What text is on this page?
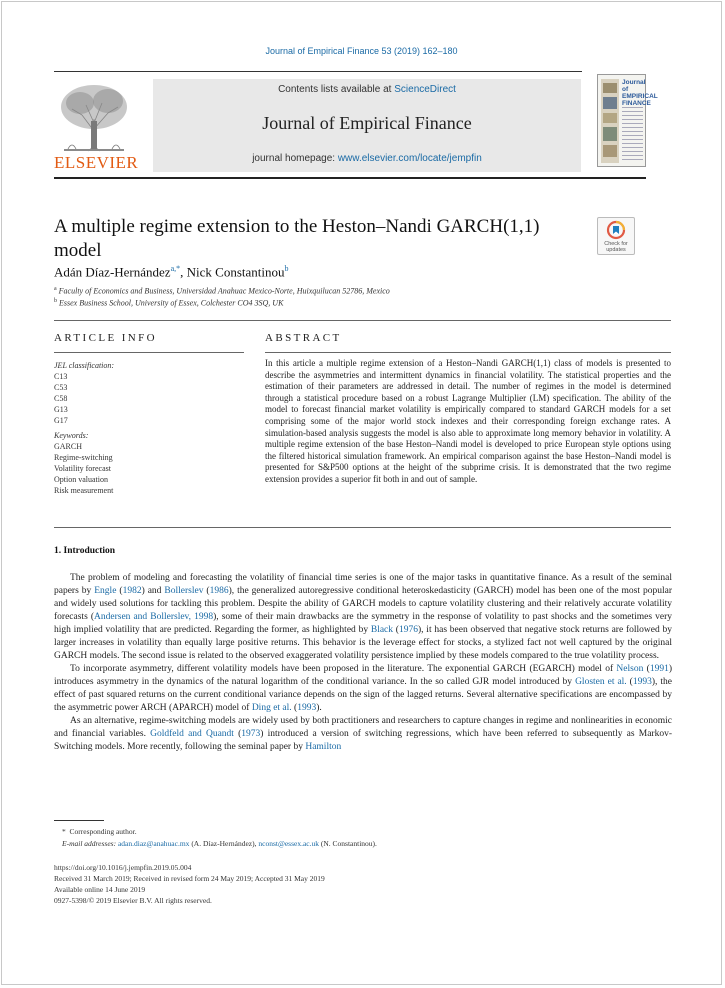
Journal of Empirical Finance 53 (2019) 162–180
ELSEVIER
Contents lists available at ScienceDirect
Journal of Empirical Finance
journal homepage: www.elsevier.com/locate/jempfin
Journal of EMPIRICAL FINANCE
A multiple regime extension to the Heston–Nandi GARCH(1,1) model	Check for updates
Adán Díaz-Hernández$^{a,*}$, Nick Constantinou$^b$
$^a$ Faculty of Economics and Business, Universidad Anahuac Mexico-Norte, Huixquilucan 52786, Mexico
$^b$ Essex Business School, University of Essex, Colchester CO4 3SQ, UK
ARTICLE INFO	ABSTRACT
JEL classification:
C13
C53
C58
G13
G17
Keywords:
GARCH
Regime-switching
Volatility forecast
Option valuation
Risk measurement
In this article a multiple regime extension of a Heston–Nandi GARCH(1,1) class of models is presented to describe the asymmetries and intermittent dynamics in financial volatility. The statistical properties and the estimation of their parameters are addressed in detail. The number of regimes in the model is determined through a statistical procedure based on a robust Lagrange Multiplier (LM) specification. The ability of the model to forecast financial market volatility is empirically compared to standard GARCH models for a set comprising some of the major world stock indexes and their corresponding foreign exchange rates. A simulation-based analysis suggests the model is also able to approximate long memory behavior in volatility. A multiple regime extension of the base Heston–Nandi model is developed to price European style options using the filtered historical simulation framework. An empirical comparison against the base Heston–Nandi model is presented for S&P500 options at the height of the subprime crisis. It is demonstrated that the two regime extension provides a superior fit both in and out of sample.
1. Introduction

The problem of modeling and forecasting the volatility of financial time series is one of the major tasks in quantitative finance. As a result of the seminal papers by Engle (1982) and Bollerslev (1986), the generalized autoregressive conditional heteroskedasticity (GARCH) model has been one of the most popular and widely used solutions for tackling this problem. Despite the ability of GARCH models to capture volatility clustering and their relatively accurate volatility forecasts (Andersen and Bollerslev, 1998), some of their main drawbacks are the symmetry in the response of volatility to past shocks and the sometimes very high implied volatility that are predicted. Regarding the former, as highlighted by Black (1976), it has been observed that negative stock returns are followed by larger increases in volatility than equally large positive returns. This behavior is the leverage effect for stocks, a stylized fact not well captured by the original GARCH models. The second issue is related to the observed exaggerated volatility persistence implied by these models compared to the true volatility process.

To incorporate asymmetry, different volatility models have been proposed in the literature. The exponential GARCH (EGARCH) model of Nelson (1991) introduces asymmetry in the dynamics of the natural logarithm of the conditional variance. In the so called GJR model introduced by Glosten et al. (1993), the effect of past squared returns on the current conditional variance depends on the sign of the lagged returns. Several alternative specifications are encompassed by the asymmetric power ARCH (APARCH) model of Ding et al. (1993).

As an alternative, regime-switching models are widely used by both practitioners and researchers to capture changes in regime and nonlinearities in economic and financial variables. Goldfeld and Quandt (1973) introduced a version of switching regressions, which have been referred to subsequently as Markov-Switching models. More recently, following the seminal paper by Hamilton

* Corresponding author.
E-mail addresses: adan.diaz@anahuac.mx (A. Díaz-Hernández), nconst@essex.ac.uk (N. Constantinou).
https://doi.org/10.1016/j.jempfin.2019.05.004
Received 31 March 2019; Received in revised form 24 May 2019; Accepted 31 May 2019
Available online 14 June 2019
0927-5398/© 2019 Elsevier B.V. All rights reserved.
